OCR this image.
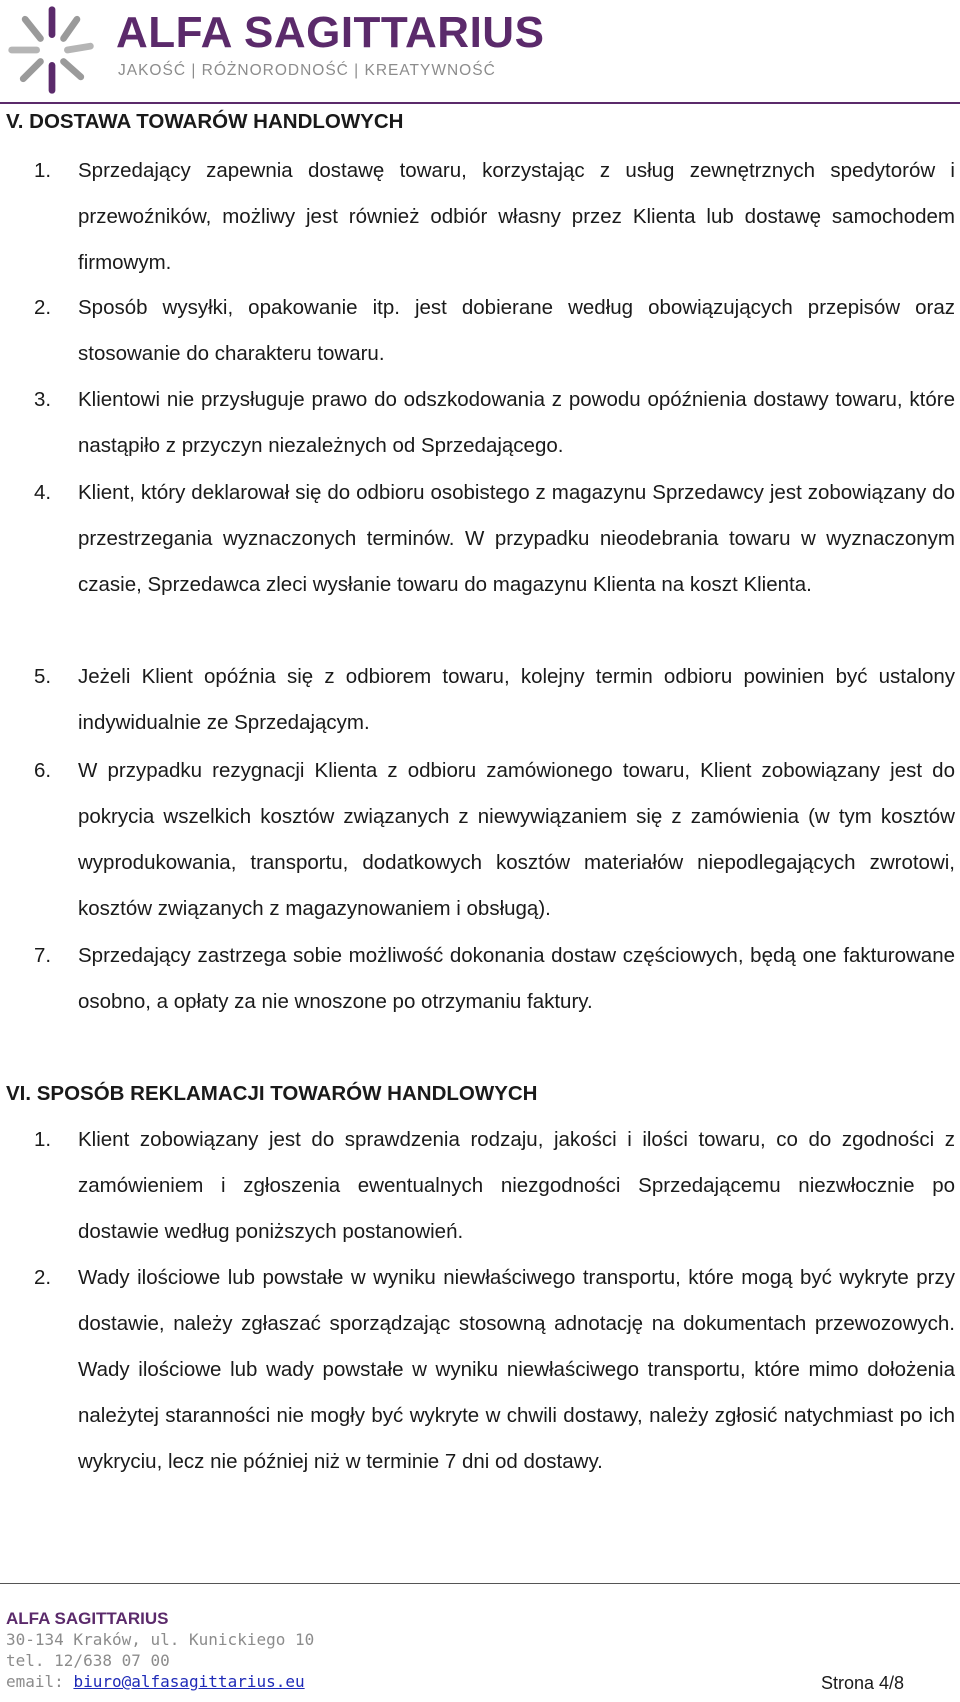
ALFA SAGITTARIUS
JAKOŚĆ | RÓŻNORODNOŚĆ | KREATYWNOŚĆ
V. DOSTAWA TOWARÓW HANDLOWYCH
1. Sprzedający zapewnia dostawę towaru, korzystając z usług zewnętrznych spedytorów i przewoźników, możliwy jest również odbiór własny przez Klienta lub dostawę samochodem firmowym.
2. Sposób wysyłki, opakowanie itp. jest dobierane według obowiązujących przepisów oraz stosowanie do charakteru towaru.
3. Klientowi nie przysługuje prawo do odszkodowania z powodu opóźnienia dostawy towaru, które nastąpiło z przyczyn niezależnych od Sprzedającego.
4. Klient, który deklarował się do odbioru osobistego z magazynu Sprzedawcy jest zobowiązany do przestrzegania wyznaczonych terminów. W przypadku nieodebrania towaru w wyznaczonym czasie, Sprzedawca zleci wysłanie towaru do magazynu Klienta na koszt Klienta.
5. Jeżeli Klient opóźnia się z odbiorem towaru, kolejny termin odbioru powinien być ustalony indywidualnie ze Sprzedającym.
6. W przypadku rezygnacji Klienta z odbioru zamówionego towaru, Klient zobowiązany jest do pokrycia wszelkich kosztów związanych z niewywiązaniem się z zamówienia (w tym kosztów wyprodukowania, transportu, dodatkowych kosztów materiałów niepodlegających zwrotowi, kosztów związanych z magazynowaniem i obsługą).
7. Sprzedający zastrzega sobie możliwość dokonania dostaw częściowych, będą one fakturowane osobno, a opłaty za nie wnoszone po otrzymaniu faktury.
VI. SPOSÓB REKLAMACJI TOWARÓW HANDLOWYCH
1. Klient zobowiązany jest do sprawdzenia rodzaju, jakości i ilości towaru, co do zgodności z zamówieniem i zgłoszenia ewentualnych niezgodności Sprzedającemu niezwłocznie po dostawie według poniższych postanowień.
2. Wady ilościowe lub powstałe w wyniku niewłaściwego transportu, które mogą być wykryte przy dostawie, należy zgłaszać sporządzając stosowną adnotację na dokumentach przewozowych. Wady ilościowe lub wady powstałe w wyniku niewłaściwego transportu, które mimo dołożenia należytej staranności nie mogły być wykryte w chwili dostawy, należy zgłosić natychmiast po ich wykryciu, lecz nie później niż w terminie 7 dni od dostawy.
ALFA SAGITTARIUS
30-134 Kraków, ul. Kunickiego 10
tel. 12/638 07 00
email: biuro@alfasagittarius.eu	Strona 4/8
